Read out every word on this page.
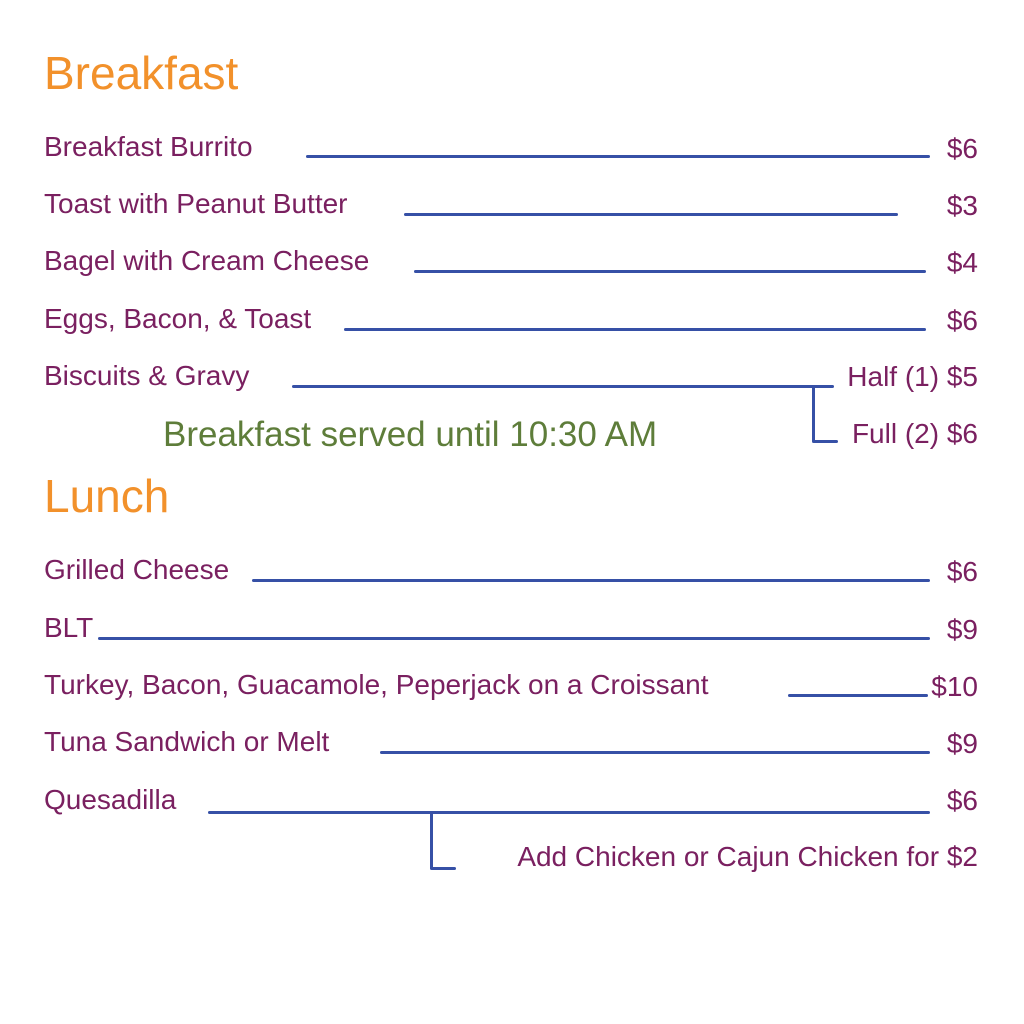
Breakfast
Breakfast Burrito	$6
Toast with Peanut Butter	$3
Bagel with Cream Cheese	$4
Eggs, Bacon, & Toast	$6
Biscuits & Gravy	Half (1) $5
Full (2) $6
Breakfast served until 10:30 AM
Lunch
Grilled Cheese	$6
BLT	$9
Turkey, Bacon, Guacamole, Peperjack on a Croissant	$10
Tuna Sandwich or Melt	$9
Quesadilla	$6
Add Chicken or Cajun Chicken for $2
